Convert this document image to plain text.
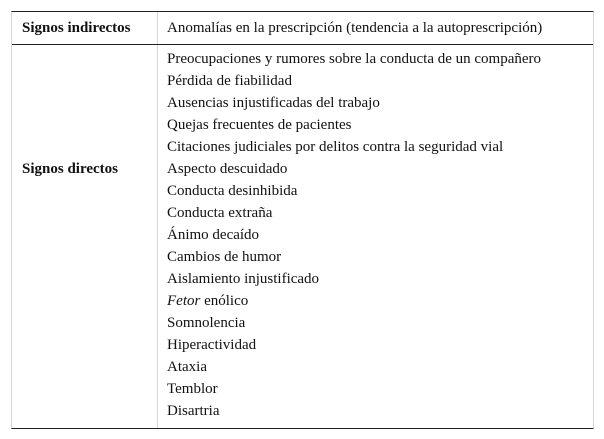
Signos indirectos Anomalías en la prescripción (tendencia a la autoprescripción)
Signos directos
Preocupaciones y rumores sobre la conducta de un compañero
Pérdida de fiabilidad
Ausencias injustificadas del trabajo
Quejas frecuentes de pacientes
Citaciones judiciales por delitos contra la seguridad vial
Aspecto descuidado
Conducta desinhibida
Conducta extraña
Ánimo decaído
Cambios de humor
Aislamiento injustificado
Fetor enólico
Somnolencia
Hiperactividad
Ataxia
Temblor
Disartria
